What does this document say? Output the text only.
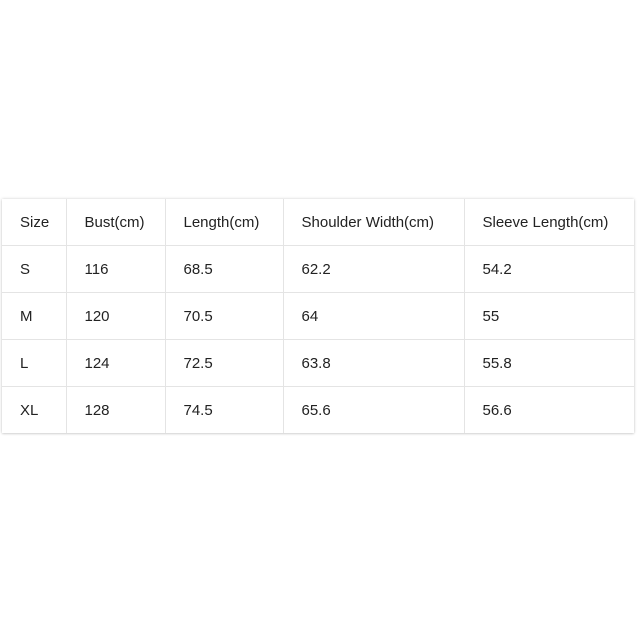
Size	Bust(cm)	Length(cm)	Shoulder Width(cm)	Sleeve Length(cm)
S	116	68.5	62.2	54.2
M	120	70.5	64	55
L	124	72.5	63.8	55.8
XL	128	74.5	65.6	56.6
